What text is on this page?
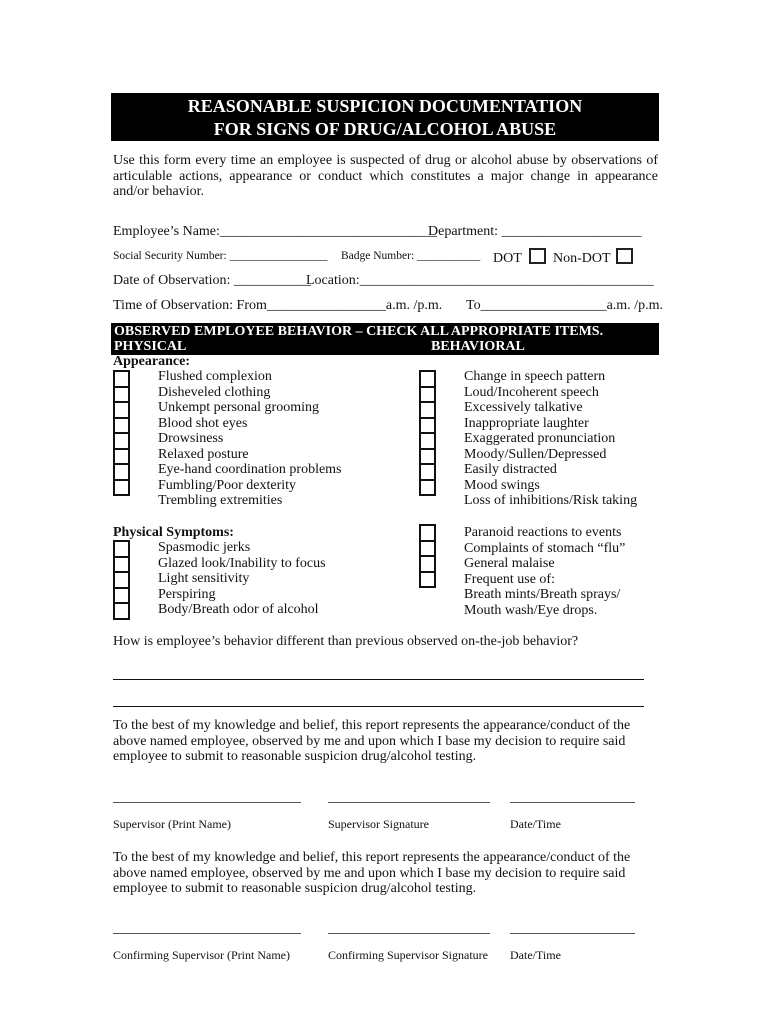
REASONABLE SUSPICION DOCUMENTATION
FOR SIGNS OF DRUG/ALCOHOL ABUSE
Use this form every time an employee is suspected of drug or alcohol abuse by observations of articulable actions, appearance or conduct which constitutes a major change in appearance and/or behavior.
Employee’s Name:_______________________________
Department: ____________________
Social Security Number: _________________ Badge Number: ___________ DOT	Non-DOT
Date of Observation: ___________
Location:__________________________________________
Time of Observation: From_________________a.m. /p.m. To__________________a.m. /p.m.
OBSERVED EMPLOYEE BEHAVIOR – CHECK ALL APPROPRIATE ITEMS.
PHYSICAL	BEHAVIORAL
Appearance:
Flushed complexion
Disheveled clothing
Unkempt personal grooming
Blood shot eyes
Drowsiness
Relaxed posture
Eye-hand coordination problems
Fumbling/Poor dexterity
Trembling extremities
Change in speech pattern
Loud/Incoherent speech
Excessively talkative
Inappropriate laughter
Exaggerated pronunciation
Moody/Sullen/Depressed
Easily distracted
Mood swings
Loss of inhibitions/Risk taking
Physical Symptoms:
Spasmodic jerks
Glazed look/Inability to focus
Light sensitivity
Perspiring
Body/Breath odor of alcohol
Paranoid reactions to events
Complaints of stomach “flu”
General malaise
Frequent use of:
Breath mints/Breath sprays/
Mouth wash/Eye drops.
How is employee’s behavior different than previous observed on-the-job behavior?
To the best of my knowledge and belief, this report represents the appearance/conduct of the above named employee, observed by me and upon which I base my decision to require said employee to submit to reasonable suspicion drug/alcohol testing.
Supervisor (Print Name)	Supervisor Signature	Date/Time
To the best of my knowledge and belief, this report represents the appearance/conduct of the above named employee, observed by me and upon which I base my decision to require said employee to submit to reasonable suspicion drug/alcohol testing.
Confirming Supervisor (Print Name)	Confirming Supervisor Signature Date/Time
